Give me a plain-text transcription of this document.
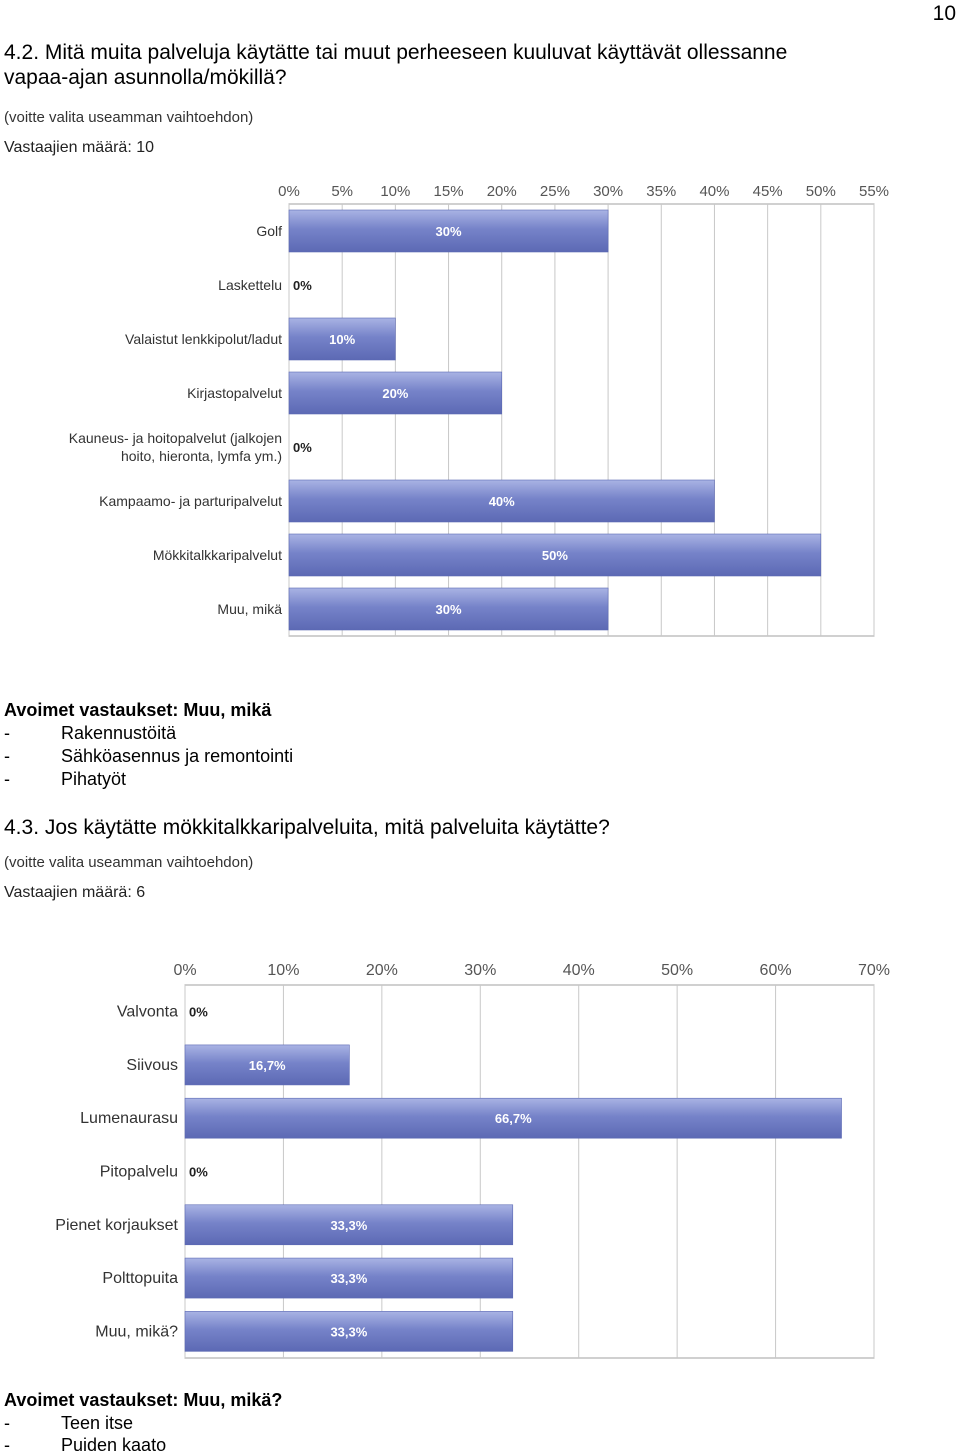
10
4.2. Mitä muita palveluja käytätte tai muut perheeseen kuuluvat käyttävät ollessanne
vapaa-ajan asunnolla/mökillä?
(voitte valita useamman vaihtoehdon)
Vastaajien määrä: 10
0% 5% 10% 15% 20% 25% 30% 35% 40% 45% 50% 55%
30%
Golf
0%
Laskettelu
10%
Valaistut lenkkipolut/ladut
20%
Kirjastopalvelut
0%
Kauneus- ja hoitopalvelut (jalkojen
hoito, hieronta, lymfa ym.)
40%
Kampaamo- ja parturipalvelut
50%
Mökkitalkkaripalvelut
30%
Muu, mikä
Avoimet vastaukset: Muu, mikä
-	Rakennustöitä
-	Sähköasennus ja remontointi
-	Pihatyöt
4.3. Jos käytätte mökkitalkkaripalveluita, mitä palveluita käytätte?
(voitte valita useamman vaihtoehdon)
Vastaajien määrä: 6
0%	10%	20%	30%	40%	50%	60%	70%
0%
Valvonta
16,7%
Siivous
66,7%
Lumenaurasu
0%
Pitopalvelu
33,3%
Pienet korjaukset
33,3%
Polttopuita
33,3%
Muu, mikä?
Avoimet vastaukset: Muu, mikä?
-	Teen itse
-	Puiden kaato
